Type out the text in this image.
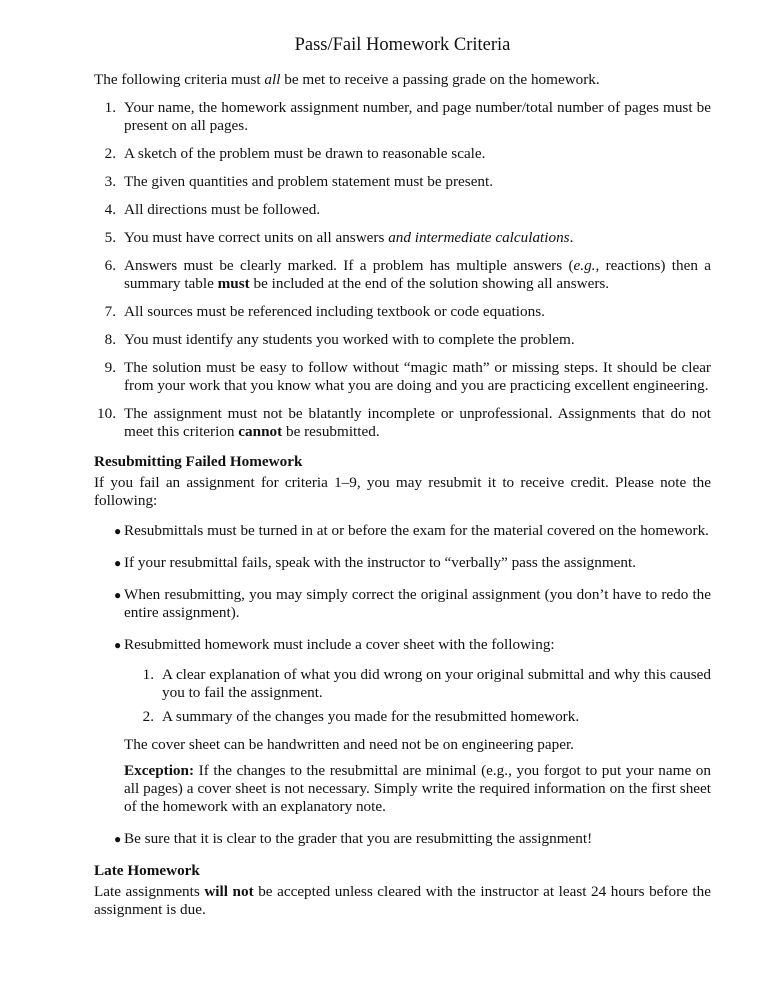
Pass/Fail Homework Criteria

The following criteria must all be met to receive a passing grade on the homework.

1. Your name, the homework assignment number, and page number/total number of pages must be present on all pages.
2. A sketch of the problem must be drawn to reasonable scale.
3. The given quantities and problem statement must be present.
4. All directions must be followed.
5. You must have correct units on all answers and intermediate calculations.
6. Answers must be clearly marked. If a problem has multiple answers (e.g., reactions) then a summary table must be included at the end of the solution showing all answers.
7. All sources must be referenced including textbook or code equations.
8. You must identify any students you worked with to complete the problem.
9. The solution must be easy to follow without “magic math” or missing steps. It should be clear from your work that you know what you are doing and you are practicing excellent engineering.
10. The assignment must not be blatantly incomplete or unprofessional. Assignments that do not meet this criterion cannot be resubmitted.
Resubmitting Failed Homework

If you fail an assignment for criteria 1–9, you may resubmit it to receive credit. Please note the following:

● Resubmittals must be turned in at or before the exam for the material covered on the homework.
● If your resubmittal fails, speak with the instructor to “verbally” pass the assignment.
● When resubmitting, you may simply correct the original assignment (you don’t have to redo the entire assignment).
● Resubmitted homework must include a cover sheet with the following:
1. A clear explanation of what you did wrong on your original submittal and why this caused you to fail the assignment.
2. A summary of the changes you made for the resubmitted homework.

The cover sheet can be handwritten and need not be on engineering paper.

Exception: If the changes to the resubmittal are minimal (e.g., you forgot to put your name on all pages) a cover sheet is not necessary. Simply write the required information on the first sheet of the homework with an explanatory note.

● Be sure that it is clear to the grader that you are resubmitting the assignment!
Late Homework

Late assignments will not be accepted unless cleared with the instructor at least 24 hours before the assignment is due.
